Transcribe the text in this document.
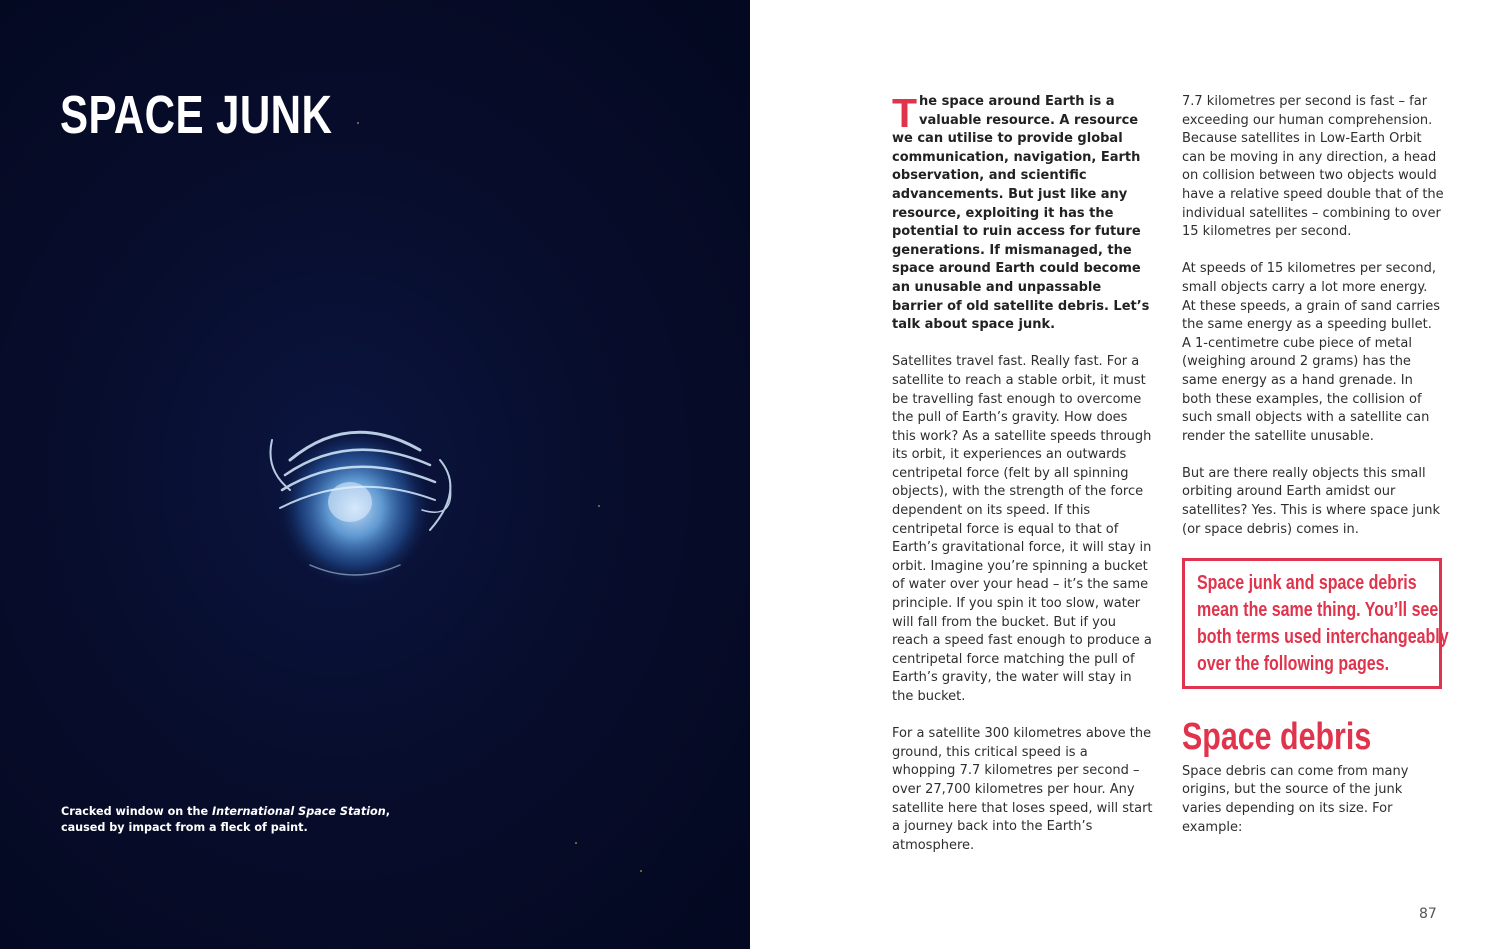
SPACE JUNK
Cracked window on the International Space Station,
caused by impact from a fleck of paint.

The space around Earth is a valuable resource. A resource we can utilise to provide global communication, navigation, Earth observation, and scientific advancements. But just like any resource, exploiting it has the potential to ruin access for future generations. If mismanaged, the space around Earth could become an unusable and unpassable barrier of old satellite debris. Let’s talk about space junk.

Satellites travel fast. Really fast. For a satellite to reach a stable orbit, it must be travelling fast enough to overcome the pull of Earth’s gravity. How does this work? As a satellite speeds through its orbit, it experiences an outwards centripetal force (felt by all spinning objects), with the strength of the force dependent on its speed. If this centripetal force is equal to that of Earth’s gravitational force, it will stay in orbit. Imagine you’re spinning a bucket of water over your head – it’s the same principle. If you spin it too slow, water will fall from the bucket. But if you reach a speed fast enough to produce a centripetal force matching the pull of Earth’s gravity, the water will stay in the bucket.

For a satellite 300 kilometres above the ground, this critical speed is a whopping 7.7 kilometres per second – over 27,700 kilometres per hour. Any satellite here that loses speed, will start a journey back into the Earth’s atmosphere.

7.7 kilometres per second is fast – far exceeding our human comprehension. Because satellites in Low-Earth Orbit can be moving in any direction, a head on collision between two objects would have a relative speed double that of the individual satellites – combining to over 15 kilometres per second.

At speeds of 15 kilometres per second, small objects carry a lot more energy. At these speeds, a grain of sand carries the same energy as a speeding bullet. A 1-centimetre cube piece of metal (weighing around 2 grams) has the same energy as a hand grenade. In both these examples, the collision of such small objects with a satellite can render the satellite unusable.

But are there really objects this small orbiting around Earth amidst our satellites? Yes. This is where space junk (or space debris) comes in.

Space junk and space debris
mean the same thing. You’ll see
both terms used interchangeably
over the following pages.
Space debris

Space debris can come from many origins, but the source of the junk varies depending on its size. For example:

87
